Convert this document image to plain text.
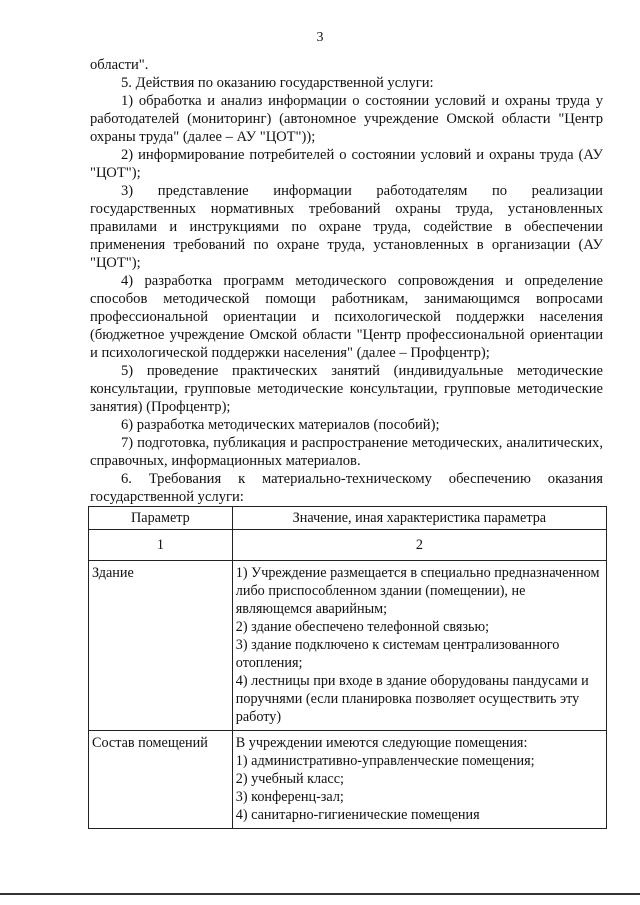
3

области".

5. Действия по оказанию государственной услуги:

1) обработка и анализ информации о состоянии условий и охраны труда у работодателей (мониторинг) (автономное учреждение Омской области "Центр охраны труда" (далее – АУ "ЦОТ"));

2) информирование потребителей о состоянии условий и охраны труда (АУ "ЦОТ");

3) представление информации работодателям по реализации государственных нормативных требований охраны труда, установленных правилами и инструкциями по охране труда, содействие в обеспечении применения требований по охране труда, установленных в организации (АУ "ЦОТ");

4) разработка программ методического сопровождения и определение способов методической помощи работникам, занимающимся вопросами профессиональной ориентации и психологической поддержки населения (бюджетное учреждение Омской области "Центр профессиональной ориентации и психологической поддержки населения" (далее – Профцентр);

5) проведение практических занятий (индивидуальные методические консультации, групповые методические консультации, групповые методические занятия) (Профцентр);

6) разработка методических материалов (пособий);

7) подготовка, публикация и распространение методических, аналитических, справочных, информационных материалов.

6. Требования к материально-техническому обеспечению оказания государственной услуги:

Параметр	Значение, иная характеристика параметра
1	2
Здание	1) Учреждение размещается в специально предназначенном либо приспособленном здании (помещении), не являющемся аварийным;
2) здание обеспечено телефонной связью;
3) здание подключено к системам централизованного отопления;
4) лестницы при входе в здание оборудованы пандусами и поручнями (если планировка позволяет осуществить эту работу)

Состав помещений	В учреждении имеются следующие помещения:
1) административно-управленческие помещения;
2) учебный класс;
3) конференц-зал;
4) санитарно-гигиенические помещения
